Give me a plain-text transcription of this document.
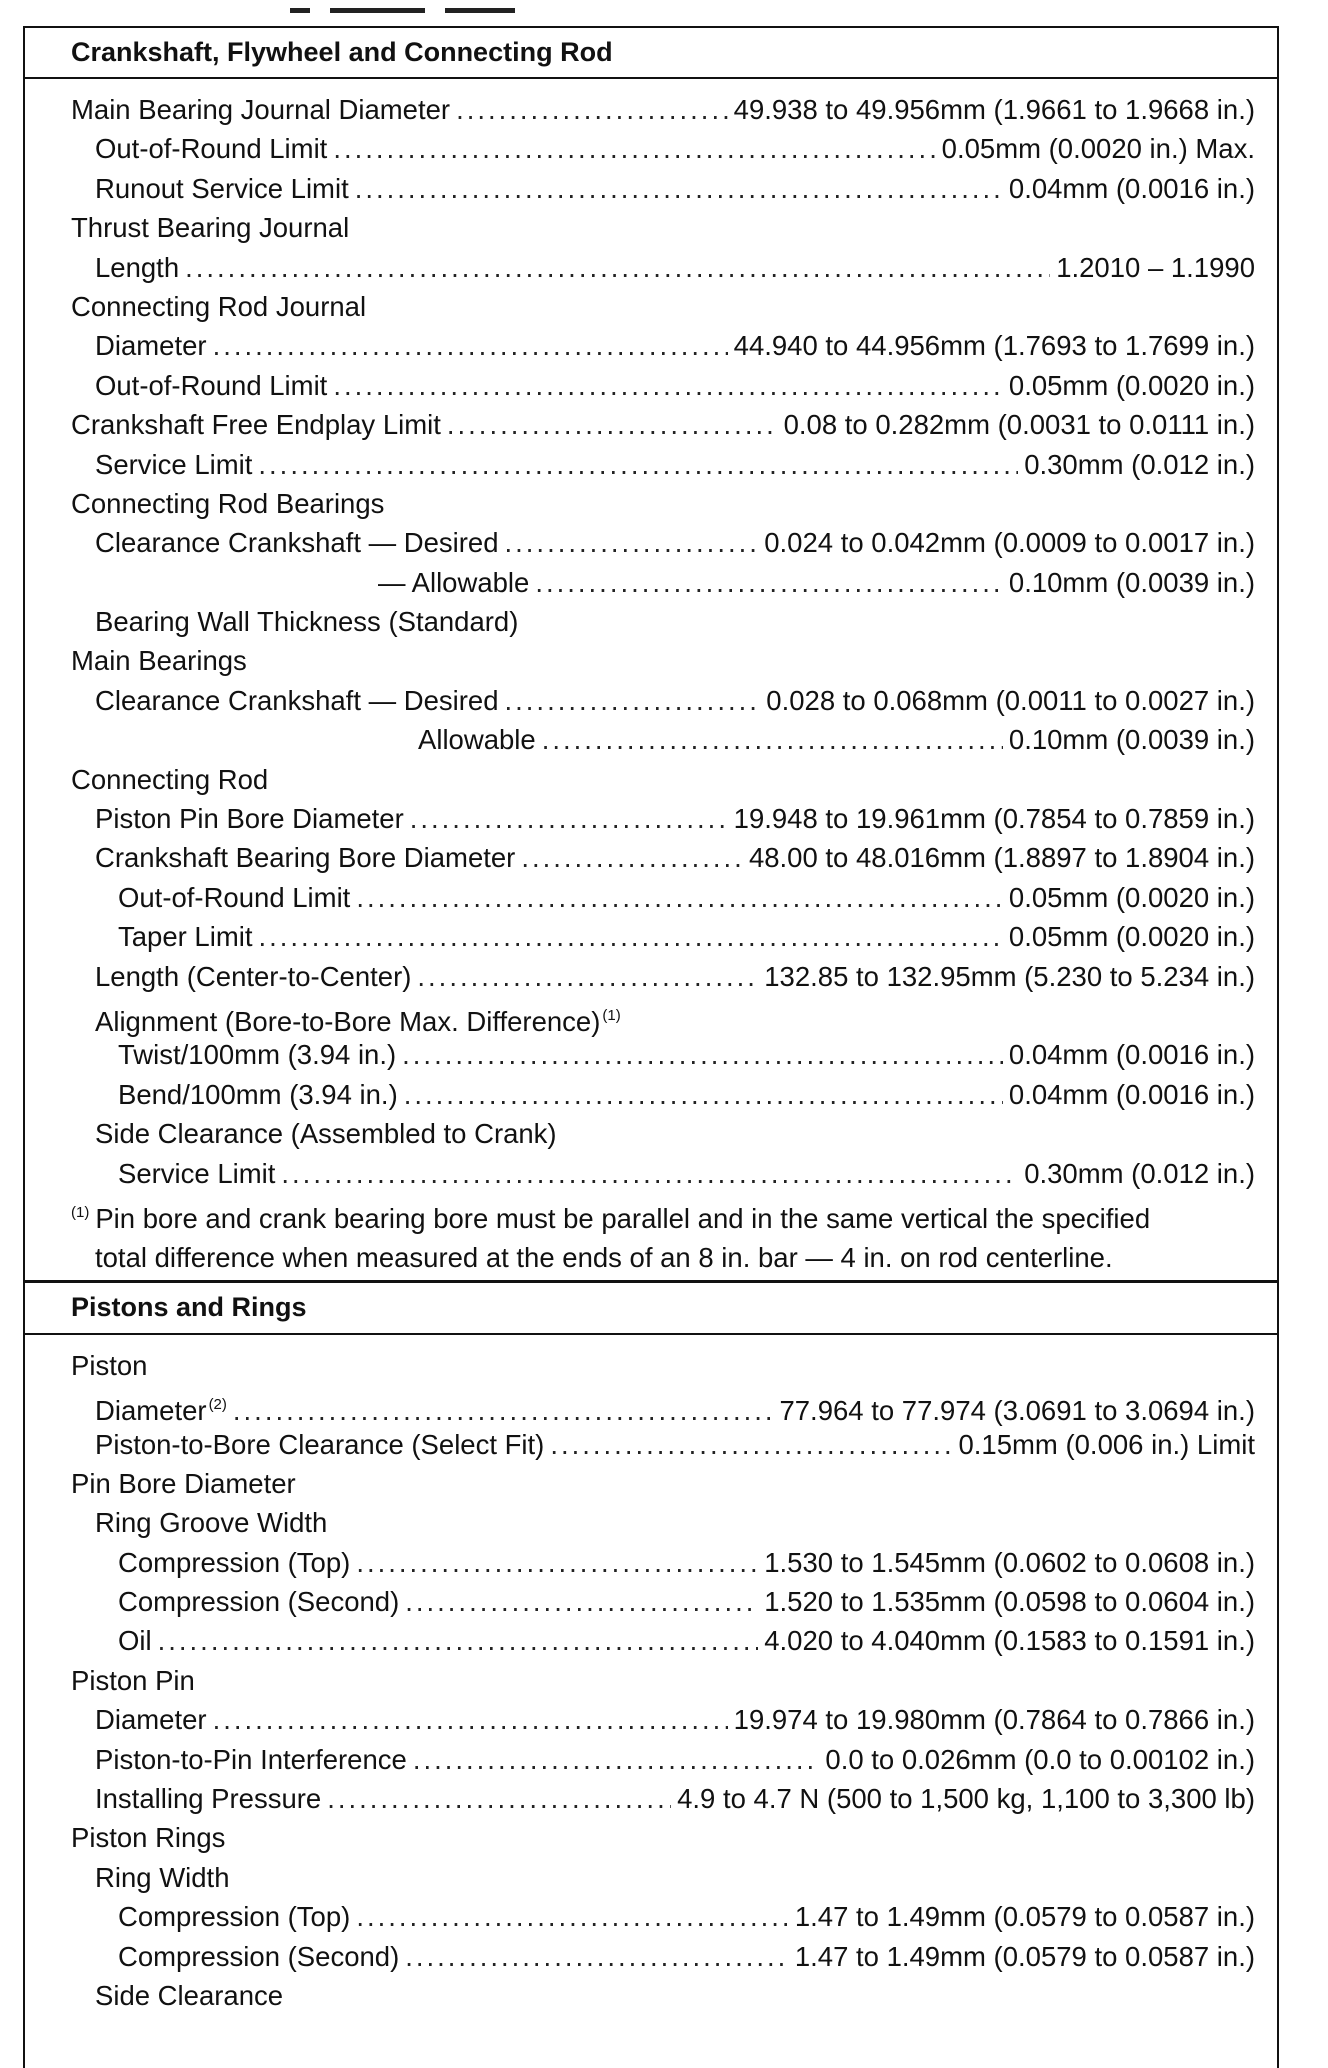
Crankshaft, Flywheel and Connecting Rod
Main Bearing Journal Diameter .....	49.938 to 49.956mm (1.9661 to 1.9668 in.)
Out-of-Round Limit .....	0.05mm (0.0020 in.) Max.
Runout Service Limit .....	0.04mm (0.0016 in.)
Thrust Bearing Journal
Length .....	1.2010 – 1.1990
Connecting Rod Journal
Diameter .....	44.940 to 44.956mm (1.7693 to 1.7699 in.)
Out-of-Round Limit .....	0.05mm (0.0020 in.)
Crankshaft Free Endplay Limit .....	0.08 to 0.282mm (0.0031 to 0.0111 in.)
Service Limit .....	0.30mm (0.012 in.)
Connecting Rod Bearings
Clearance Crankshaft — Desired .....	0.024 to 0.042mm (0.0009 to 0.0017 in.)
— Allowable .....	0.10mm (0.0039 in.)
Bearing Wall Thickness (Standard)
Main Bearings
Clearance Crankshaft — Desired .....	0.028 to 0.068mm (0.0011 to 0.0027 in.)
Allowable .....	0.10mm (0.0039 in.)
Connecting Rod
Piston Pin Bore Diameter .....	19.948 to 19.961mm (0.7854 to 0.7859 in.)
Crankshaft Bearing Bore Diameter .....	48.00 to 48.016mm (1.8897 to 1.8904 in.)
Out-of-Round Limit .....	0.05mm (0.0020 in.)
Taper Limit .....	0.05mm (0.0020 in.)
Length (Center-to-Center) .....	132.85 to 132.95mm (5.230 to 5.234 in.)
Alignment (Bore-to-Bore Max. Difference) $^{(1)}$
Twist/100mm (3.94 in.) .....	0.04mm (0.0016 in.)
Bend/100mm (3.94 in.) .....	0.04mm (0.0016 in.)
Side Clearance (Assembled to Crank)
Service Limit .....	0.30mm (0.012 in.)

$^{(1)}$ Pin bore and crank bearing bore must be parallel and in the same vertical the specified

total difference when measured at the ends of an 8 in. bar — 4 in. on rod centerline.

Pistons and Rings
Piston
Diameter $^{(2)}$ .....	77.964 to 77.974 (3.0691 to 3.0694 in.)
Piston-to-Bore Clearance (Select Fit) .....	0.15mm (0.006 in.) Limit
Pin Bore Diameter
Ring Groove Width
Compression (Top) .....	1.530 to 1.545mm (0.0602 to 0.0608 in.)
Compression (Second) .....	1.520 to 1.535mm (0.0598 to 0.0604 in.)
Oil .....	4.020 to 4.040mm (0.1583 to 0.1591 in.)
Piston Pin
Diameter .....	19.974 to 19.980mm (0.7864 to 0.7866 in.)
Piston-to-Pin Interference .....	0.0 to 0.026mm (0.0 to 0.00102 in.)
Installing Pressure .....	4.9 to 4.7 N (500 to 1,500 kg, 1,100 to 3,300 lb)
Piston Rings
Ring Width
Compression (Top) .....	1.47 to 1.49mm (0.0579 to 0.0587 in.)
Compression (Second) .....	1.47 to 1.49mm (0.0579 to 0.0587 in.)
Side Clearance
